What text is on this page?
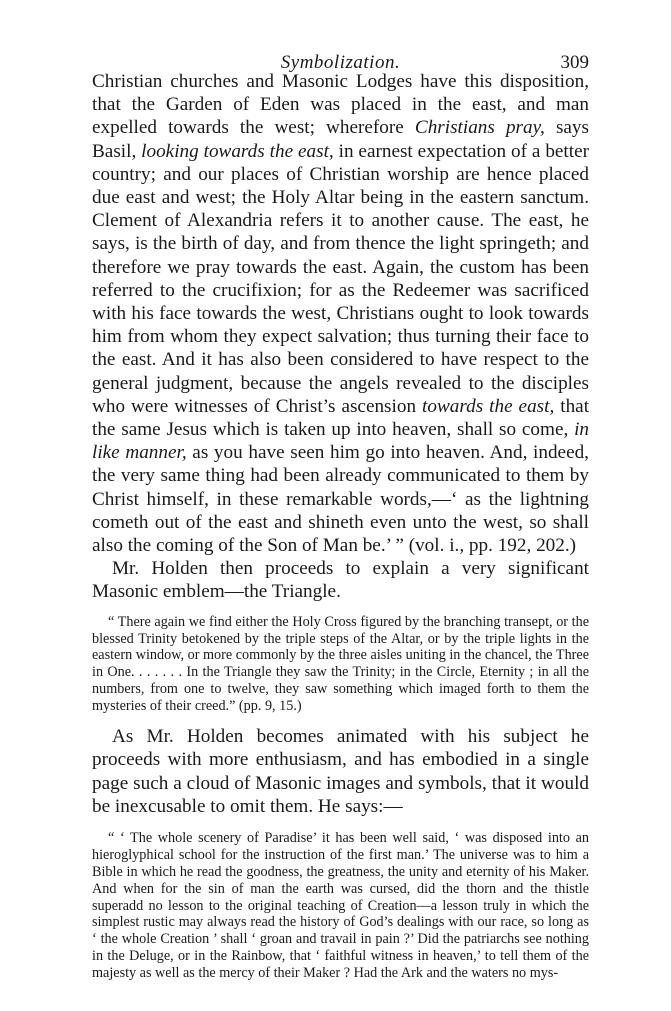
Symbolization.	309

Christian churches and Masonic Lodges have this disposition, that the Garden of Eden was placed in the east, and man expelled towards the west; wherefore Christians pray, says Basil, looking towards the east, in earnest expectation of a better country; and our places of Christian worship are hence placed due east and west; the Holy Altar being in the eastern sanctum. Clement of Alexandria refers it to another cause. The east, he says, is the birth of day, and from thence the light springeth; and therefore we pray towards the east. Again, the custom has been referred to the crucifixion; for as the Redeemer was sacrificed with his face towards the west, Christians ought to look towards him from whom they expect salvation; thus turning their face to the east. And it has also been considered to have respect to the general judgment, because the angels revealed to the disciples who were witnesses of Christ’s ascension towards the east, that the same Jesus which is taken up into heaven, shall so come, in like manner, as you have seen him go into heaven. And, indeed, the very same thing had been already communicated to them by Christ himself, in these remarkable words,—‘ as the lightning cometh out of the east and shineth even unto the west, so shall also the coming of the Son of Man be.’ ” (vol. i., pp. 192, 202.)

Mr. Holden then proceeds to explain a very significant Masonic emblem—the Triangle.

“ There again we find either the Holy Cross figured by the branching transept, or the blessed Trinity betokened by the triple steps of the Altar, or by the triple lights in the eastern window, or more commonly by the three aisles uniting in the chancel, the Three in One. . . . . . . In the Triangle they saw the Trinity; in the Circle, Eternity ; in all the numbers, from one to twelve, they saw something which imaged forth to them the mysteries of their creed.” (pp. 9, 15.)

As Mr. Holden becomes animated with his subject he proceeds with more enthusiasm, and has embodied in a single page such a cloud of Masonic images and symbols, that it would be inexcusable to omit them. He says:—

“ ‘ The whole scenery of Paradise’ it has been well said, ‘ was disposed into an hieroglyphical school for the instruction of the first man.’ The universe was to him a Bible in which he read the goodness, the greatness, the unity and eternity of his Maker. And when for the sin of man the earth was cursed, did the thorn and the thistle superadd no lesson to the original teaching of Creation—a lesson truly in which the simplest rustic may always read the history of God’s dealings with our race, so long as ‘ the whole Creation ’ shall ‘ groan and travail in pain ?’ Did the patriarchs see nothing in the Deluge, or in the Rainbow, that ‘ faithful witness in heaven,’ to tell them of the majesty as well as the mercy of their Maker ? Had the Ark and the waters no mys-
